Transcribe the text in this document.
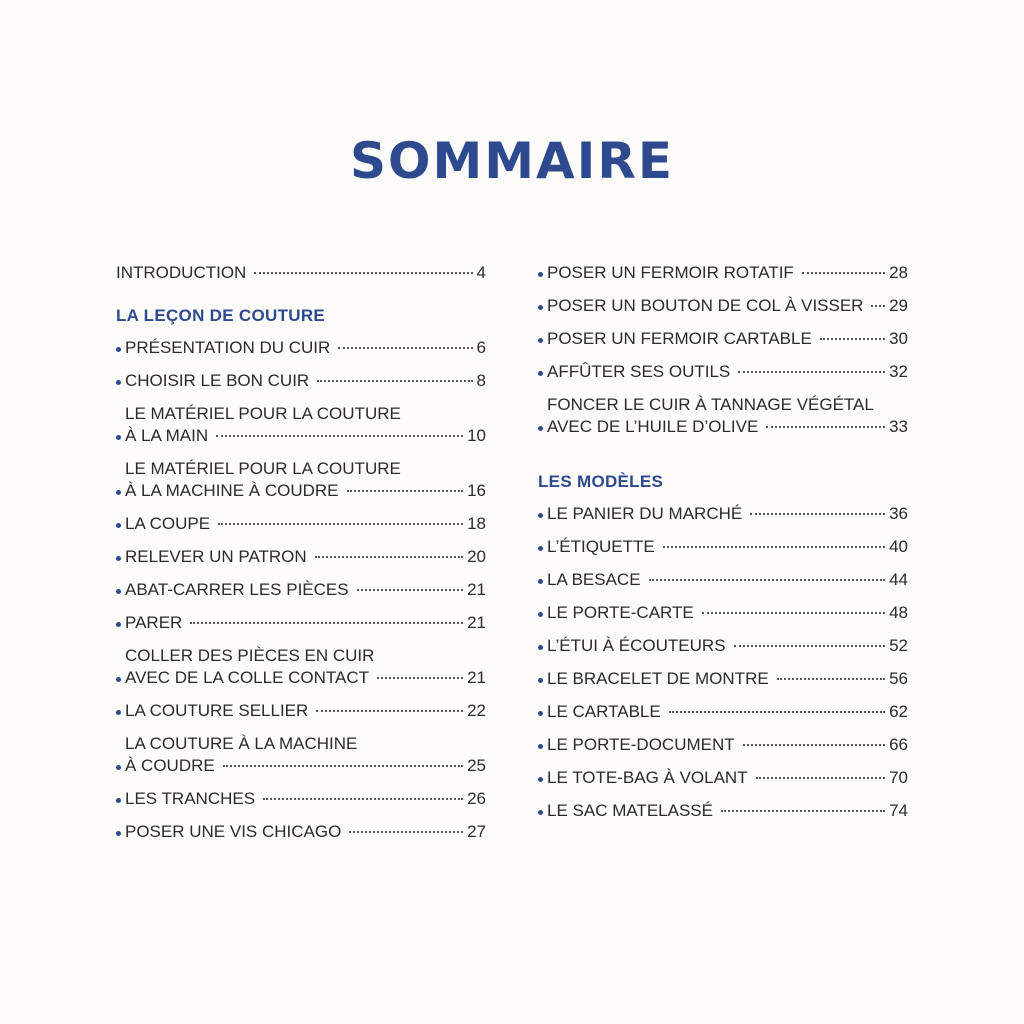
SOMMAIRE
INTRODUCTION	4
LA LEÇON DE COUTURE
PRÉSENTATION DU CUIR	6
CHOISIR LE BON CUIR	8
LE MATÉRIEL POUR LA COUTURE
À LA MAIN	10
LE MATÉRIEL POUR LA COUTURE
À LA MACHINE À COUDRE	16
LA COUPE	18
RELEVER UN PATRON	20
ABAT-CARRER LES PIÈCES	21
PARER	21
COLLER DES PIÈCES EN CUIR
AVEC DE LA COLLE CONTACT	21
LA COUTURE SELLIER	22
LA COUTURE À LA MACHINE
À COUDRE	25
LES TRANCHES	26
POSER UNE VIS CHICAGO	27
POSER UN FERMOIR ROTATIF	28
POSER UN BOUTON DE COL À VISSER 29
POSER UN FERMOIR CARTABLE	30
AFFÛTER SES OUTILS	32
FONCER LE CUIR À TANNAGE VÉGÉTAL
AVEC DE L’HUILE D’OLIVE	33
LES MODÈLES
LE PANIER DU MARCHÉ	36
L’ÉTIQUETTE	40
LA BESACE	44
LE PORTE-CARTE	48
L’ÉTUI À ÉCOUTEURS	52
LE BRACELET DE MONTRE	56
LE CARTABLE	62
LE PORTE-DOCUMENT	66
LE TOTE-BAG À VOLANT	70
LE SAC MATELASSÉ	74
